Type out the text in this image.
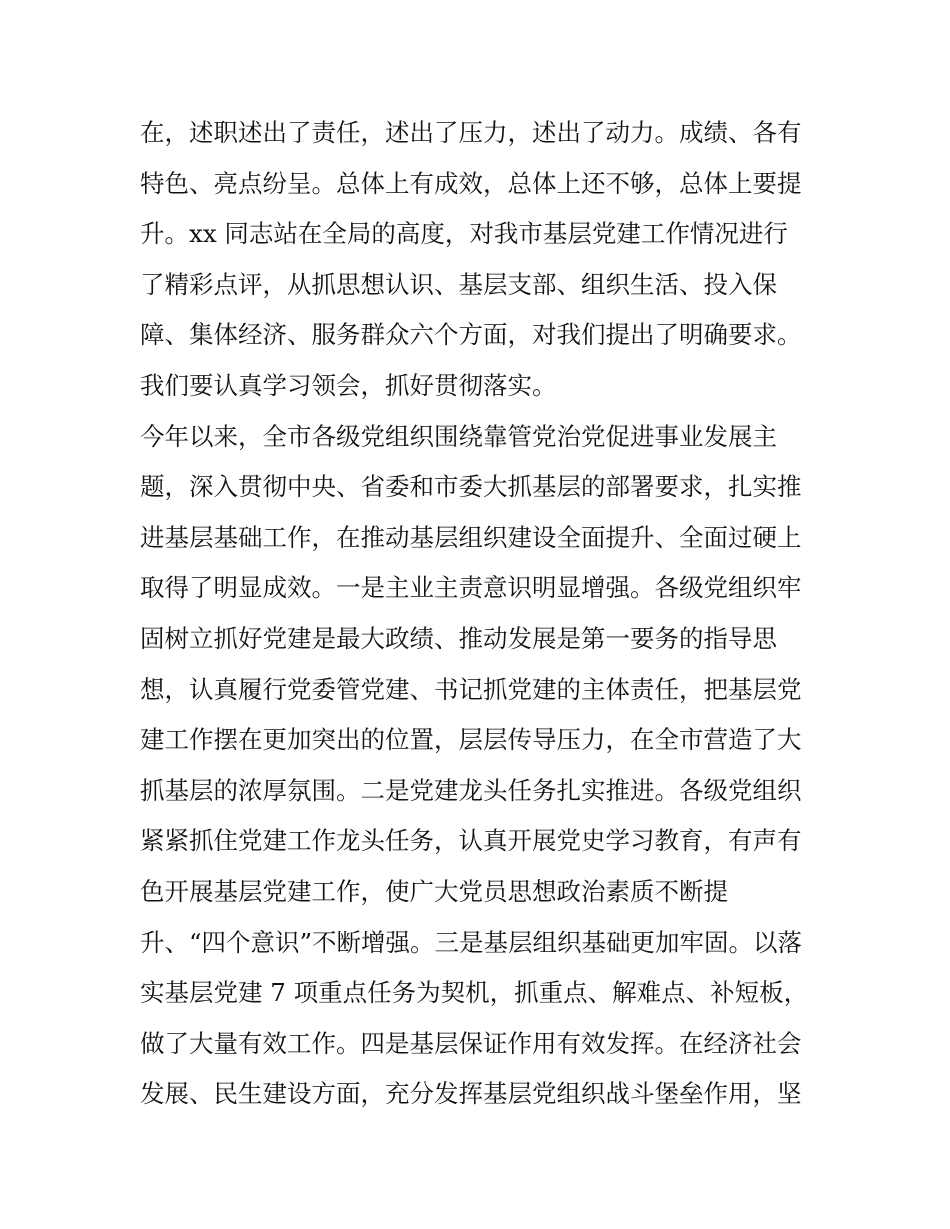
在，述职述出了责任，述出了压力，述出了动力。成绩、各有
特色、亮点纷呈。总体上有成效，总体上还不够，总体上要提
升。xx 同志站在全局的高度，对我市基层党建工作情况进行
了精彩点评，从抓思想认识、基层支部、组织生活、投入保
障、集体经济、服务群众六个方面，对我们提出了明确要求。
我们要认真学习领会，抓好贯彻落实。
今年以来，全市各级党组织围绕靠管党治党促进事业发展主
题，深入贯彻中央、省委和市委大抓基层的部署要求，扎实推
进基层基础工作，在推动基层组织建设全面提升、全面过硬上
取得了明显成效。一是主业主责意识明显增强。各级党组织牢
固树立抓好党建是最大政绩、推动发展是第一要务的指导思
想，认真履行党委管党建、书记抓党建的主体责任，把基层党
建工作摆在更加突出的位置，层层传导压力，在全市营造了大
抓基层的浓厚氛围。二是党建龙头任务扎实推进。各级党组织
紧紧抓住党建工作龙头任务，认真开展党史学习教育，有声有
色开展基层党建工作，使广大党员思想政治素质不断提
升、“四个意识”不断增强。三是基层组织基础更加牢固。以落
实基层党建 7 项重点任务为契机，抓重点、解难点、补短板，
做了大量有效工作。四是基层保证作用有效发挥。在经济社会
发展、民生建设方面，充分发挥基层党组织战斗堡垒作用，坚
